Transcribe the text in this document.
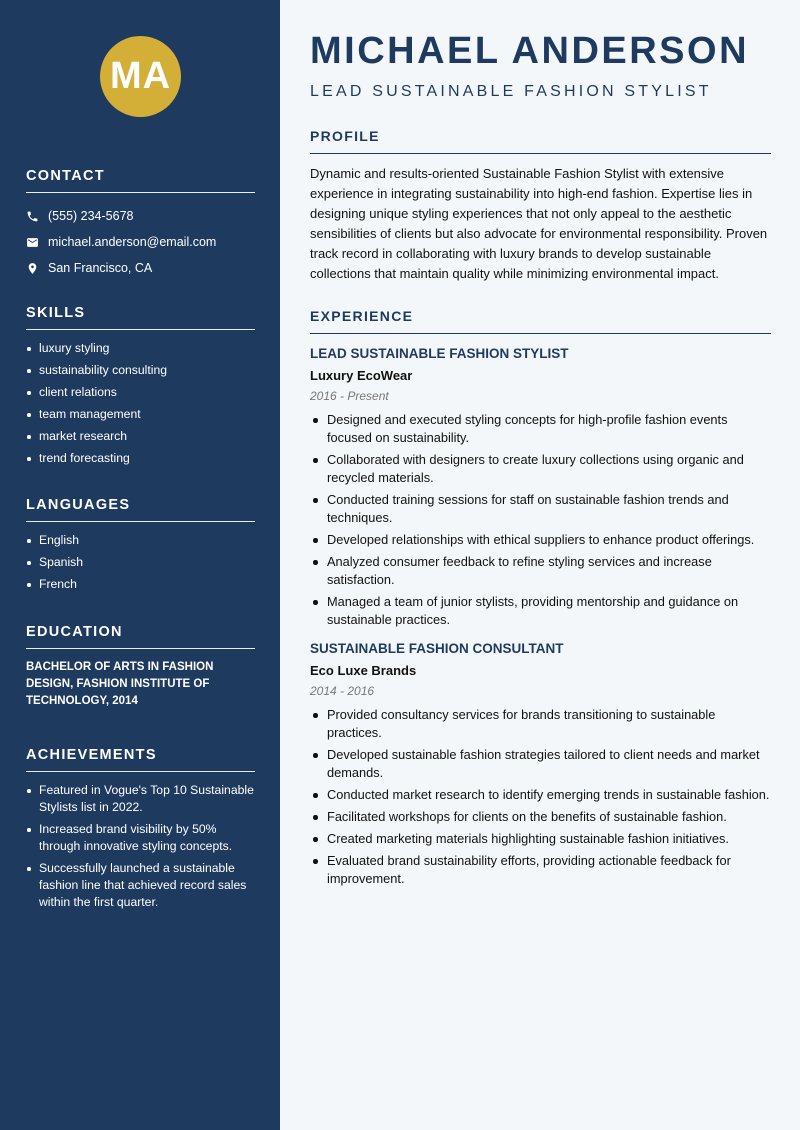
MA
CONTACT
(555) 234-5678
michael.anderson@email.com
San Francisco, CA
SKILLS
luxury styling
sustainability consulting
client relations
team management
market research
trend forecasting
LANGUAGES
English
Spanish
French
EDUCATION

BACHELOR OF ARTS IN FASHION DESIGN, FASHION INSTITUTE OF TECHNOLOGY, 2014

ACHIEVEMENTS
Featured in Vogue's Top 10 Sustainable Stylists list in 2022.
Increased brand visibility by 50% through innovative styling concepts.
Successfully launched a sustainable fashion line that achieved record sales within the first quarter.
MICHAEL ANDERSON
LEAD SUSTAINABLE FASHION STYLIST
PROFILE

Dynamic and results-oriented Sustainable Fashion Stylist with extensive experience in integrating sustainability into high-end fashion. Expertise lies in designing unique styling experiences that not only appeal to the aesthetic sensibilities of clients but also advocate for environmental responsibility. Proven track record in collaborating with luxury brands to develop sustainable collections that maintain quality while minimizing environmental impact.

EXPERIENCE
LEAD SUSTAINABLE FASHION STYLIST
Luxury EcoWear
2016 - Present
Designed and executed styling concepts for high-profile fashion events focused on sustainability.
Collaborated with designers to create luxury collections using organic and recycled materials.
Conducted training sessions for staff on sustainable fashion trends and techniques.
Developed relationships with ethical suppliers to enhance product offerings.
Analyzed consumer feedback to refine styling services and increase satisfaction.
Managed a team of junior stylists, providing mentorship and guidance on sustainable practices.
SUSTAINABLE FASHION CONSULTANT
Eco Luxe Brands
2014 - 2016
Provided consultancy services for brands transitioning to sustainable practices.
Developed sustainable fashion strategies tailored to client needs and market demands.
Conducted market research to identify emerging trends in sustainable fashion.
Facilitated workshops for clients on the benefits of sustainable fashion.
Created marketing materials highlighting sustainable fashion initiatives.
Evaluated brand sustainability efforts, providing actionable feedback for improvement.
